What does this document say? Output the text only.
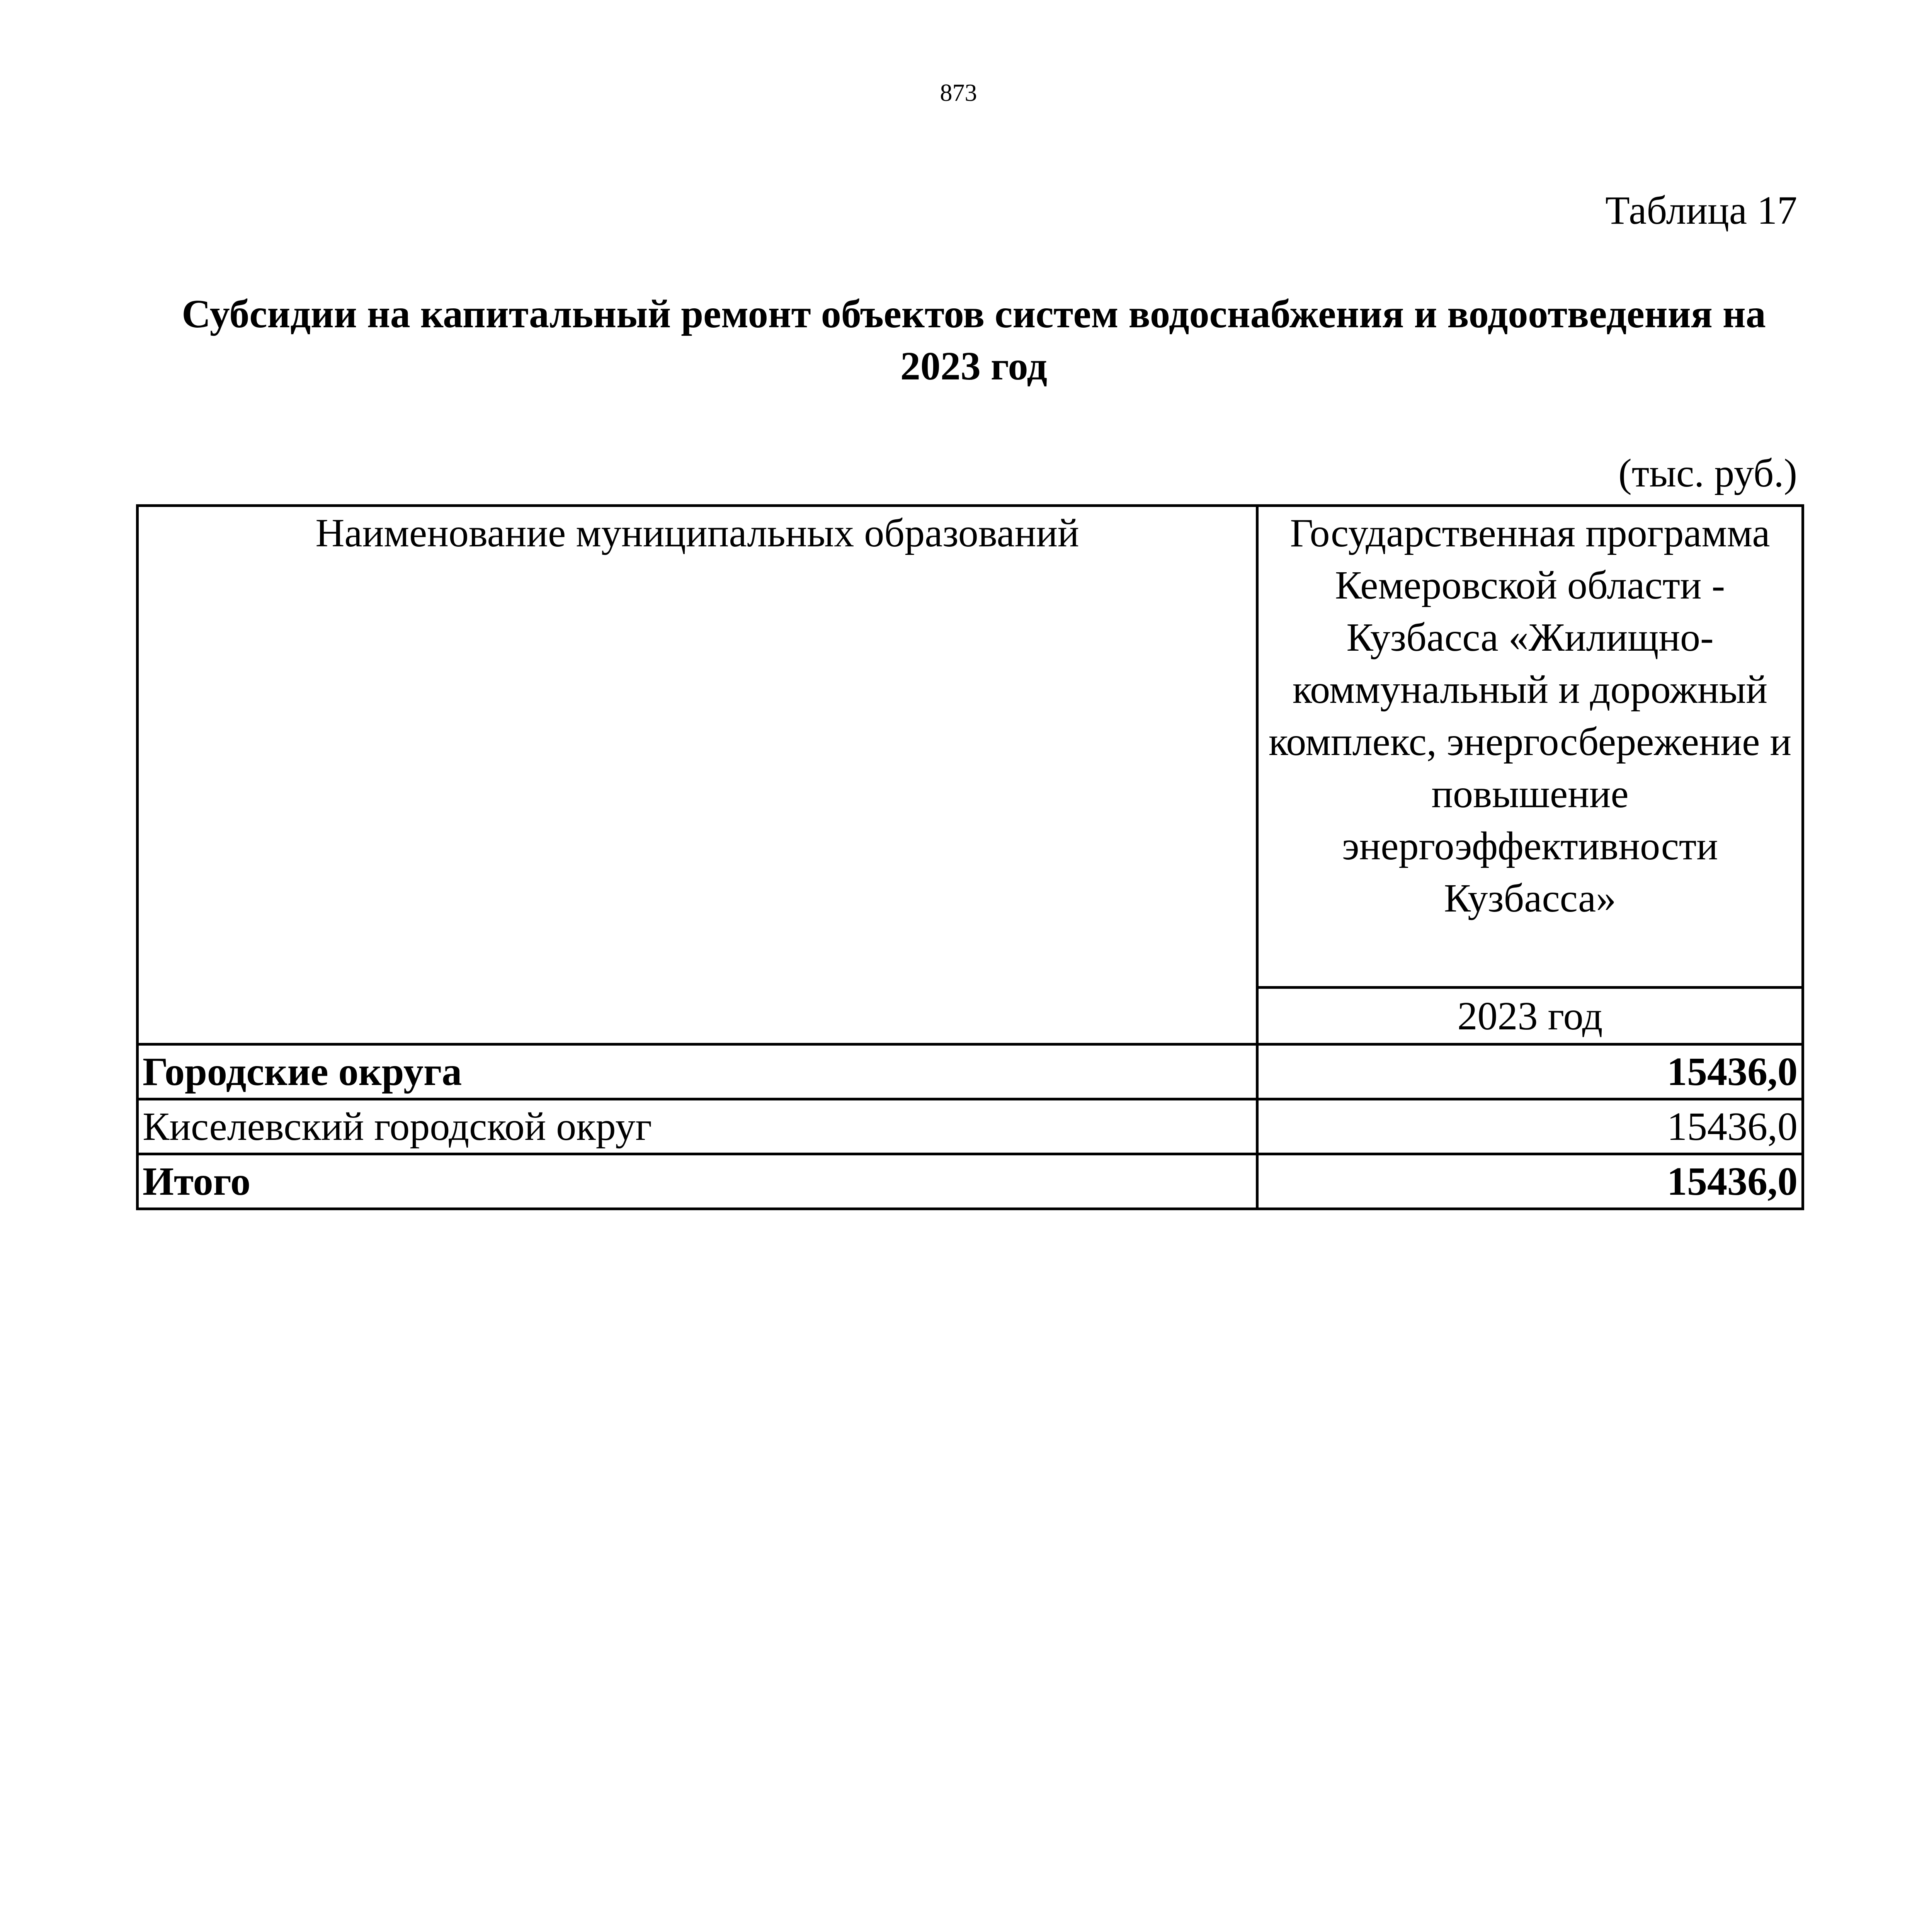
873
Таблица 17
Субсидии на капитальный ремонт объектов систем водоснабжения и водоотведения на 2023 год
(тыс. руб.)
Наименование муниципальных образований	Государственная программа Кемеровской области - Кузбасса «Жилищно-коммунальный и дорожный комплекс, энергосбережение и повышение энергоэффективности Кузбасса»
	2023 год
Городские округа	15436,0
Киселевский городской округ	15436,0
Итого	15436,0
